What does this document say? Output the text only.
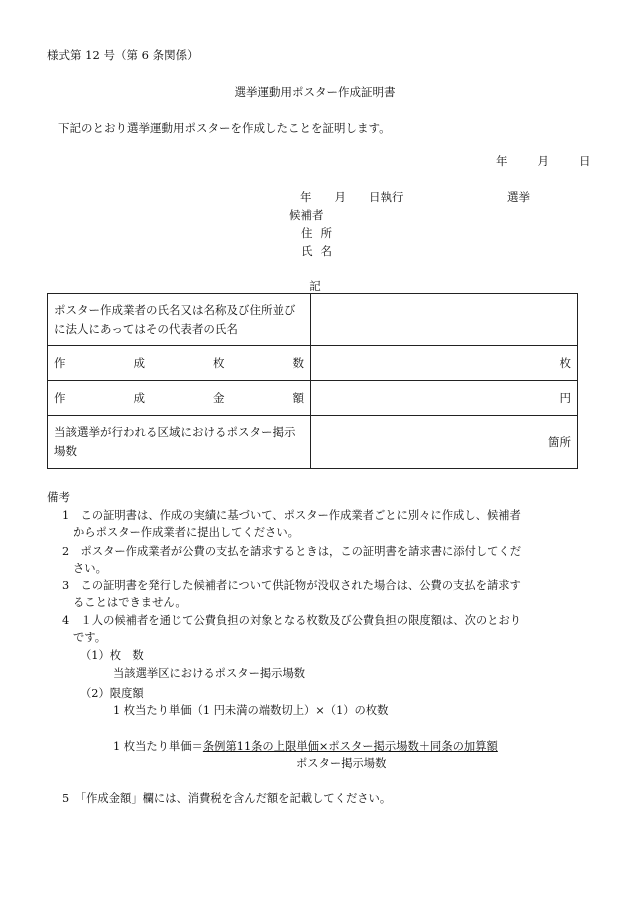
様式第 12 号（第 6 条関係）
選挙運動用ポスター作成証明書
下記のとおり選挙運動用ポスターを作成したことを証明します。
年	月	日
年　　月　　日執行　　　　　　　　　選挙
候補者
住所
氏名
記
ポスター作成業者の氏名又は名称及び住所並びに法人にあってはその代表者の氏名	

作 成 枚 数	枚

作 成 金 額	円
当該選挙が行われる区域におけるポスター掲示場数	箇所
備考
1　この証明書は、作成の実績に基づいて、ポスター作成業者ごとに別々に作成し、候補者
からポスター作成業者に提出してください。
2　ポスター作成業者が公費の支払を請求するときは，この証明書を請求書に添付してくだ
さい。
3　この証明書を発行した候補者について供託物が没収された場合は、公費の支払を請求す
ることはできません。
4　１人の候補者を通じて公費負担の対象となる枚数及び公費負担の限度額は、次のとおり
です。
（1）枚　数
当該選挙区におけるポスター掲示場数
（2）限度額
1 枚当たり単価（1 円未満の端数切上）×（1）の枚数
1 枚当たり単価＝条例第11条の上限単価×ポスター掲示場数＋同条の加算額
ポスター掲示場数
5　「作成金額」欄には、消費税を含んだ額を記載してください。
